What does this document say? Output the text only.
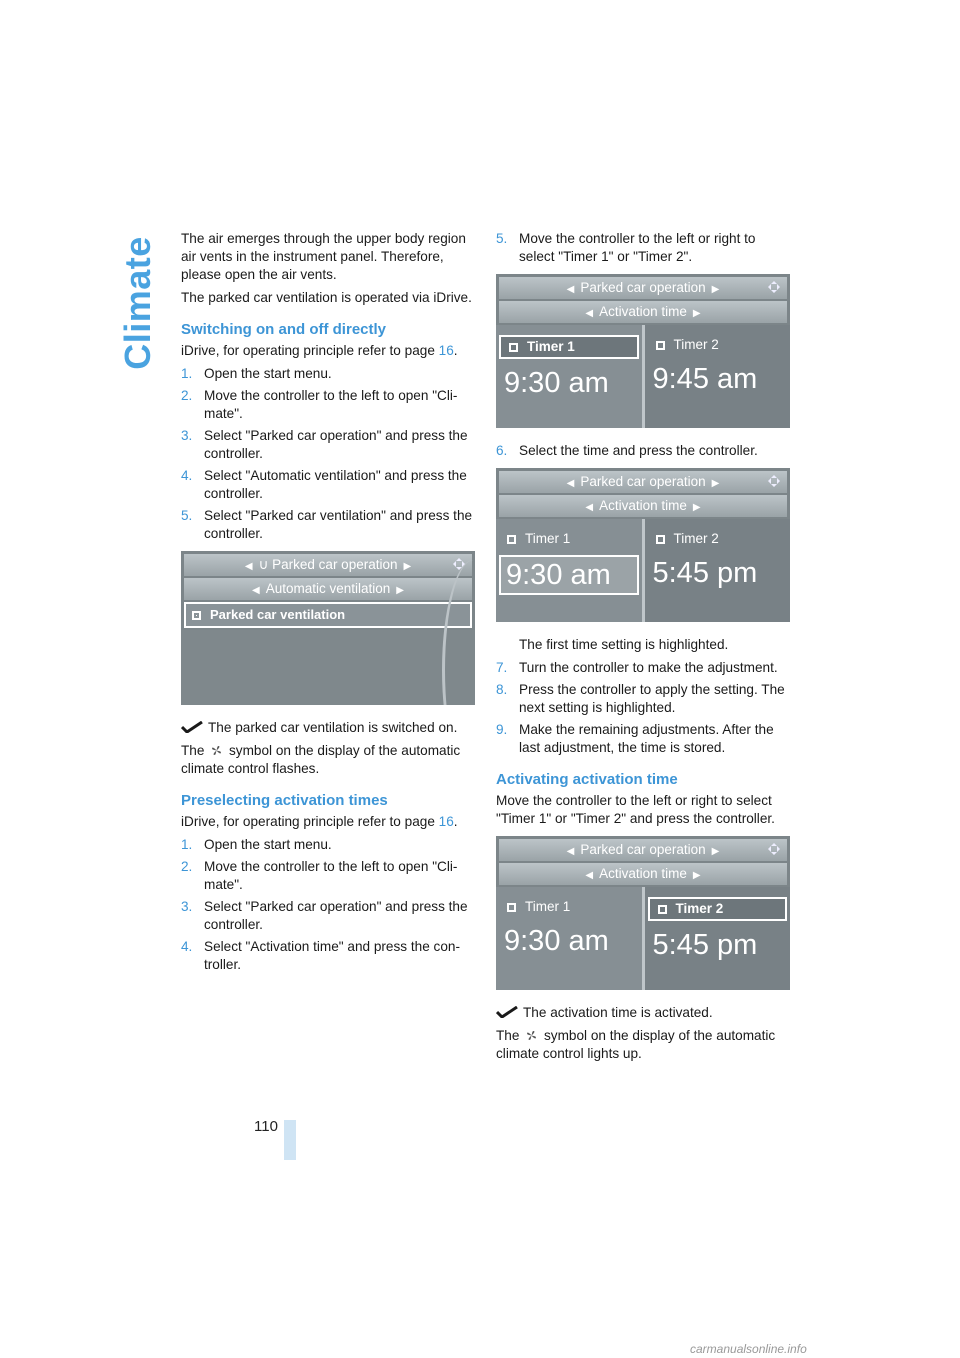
Climate
110

The air emerges through the upper body region air vents in the instrument panel. Therefore, please open the air vents.

The parked car ventilation is operated via iDrive.

Switching on and off directly

iDrive, for operating principle refer to page 16.

1. Open the start menu.
2. Move the controller to the left to open "Cli-mate".
3. Select "Parked car operation" and press the controller.
4. Select "Automatic ventilation" and press the controller.
5. Select "Parked car ventilation" and press the controller.
◀ ∪ Parked car operation ▶
◀ Automatic ventilation ▶
Parked car ventilation

The parked car ventilation is switched on.

The  symbol on the display of the automatic climate control flashes.

Preselecting activation times

iDrive, for operating principle refer to page 16.

1. Open the start menu.
2. Move the controller to the left to open "Cli-mate".
3. Select "Parked car operation" and press the controller.
4. Select "Activation time" and press the con-troller.
5. Move the controller to the left or right to select "Timer 1" or "Timer 2".
◀ Parked car operation ▶
◀ Activation time ▶
Timer 1
9:30 am
Timer 2
9:45 am
6. Select the time and press the controller.
◀ Parked car operation ▶
◀ Activation time ▶
Timer 1
9:30 am
Timer 2
5:45 pm

The first time setting is highlighted.

7. Turn the controller to make the adjustment.
8. Press the controller to apply the setting. The next setting is highlighted.
9. Make the remaining adjustments. After the last adjustment, the time is stored.
Activating activation time

Move the controller to the left or right to select "Timer 1" or "Timer 2" and press the controller.

◀ Parked car operation ▶
◀ Activation time ▶
Timer 1
9:30 am
Timer 2
5:45 pm

The activation time is activated.

The  symbol on the display of the automatic climate control lights up.

carmanualsonline.info
